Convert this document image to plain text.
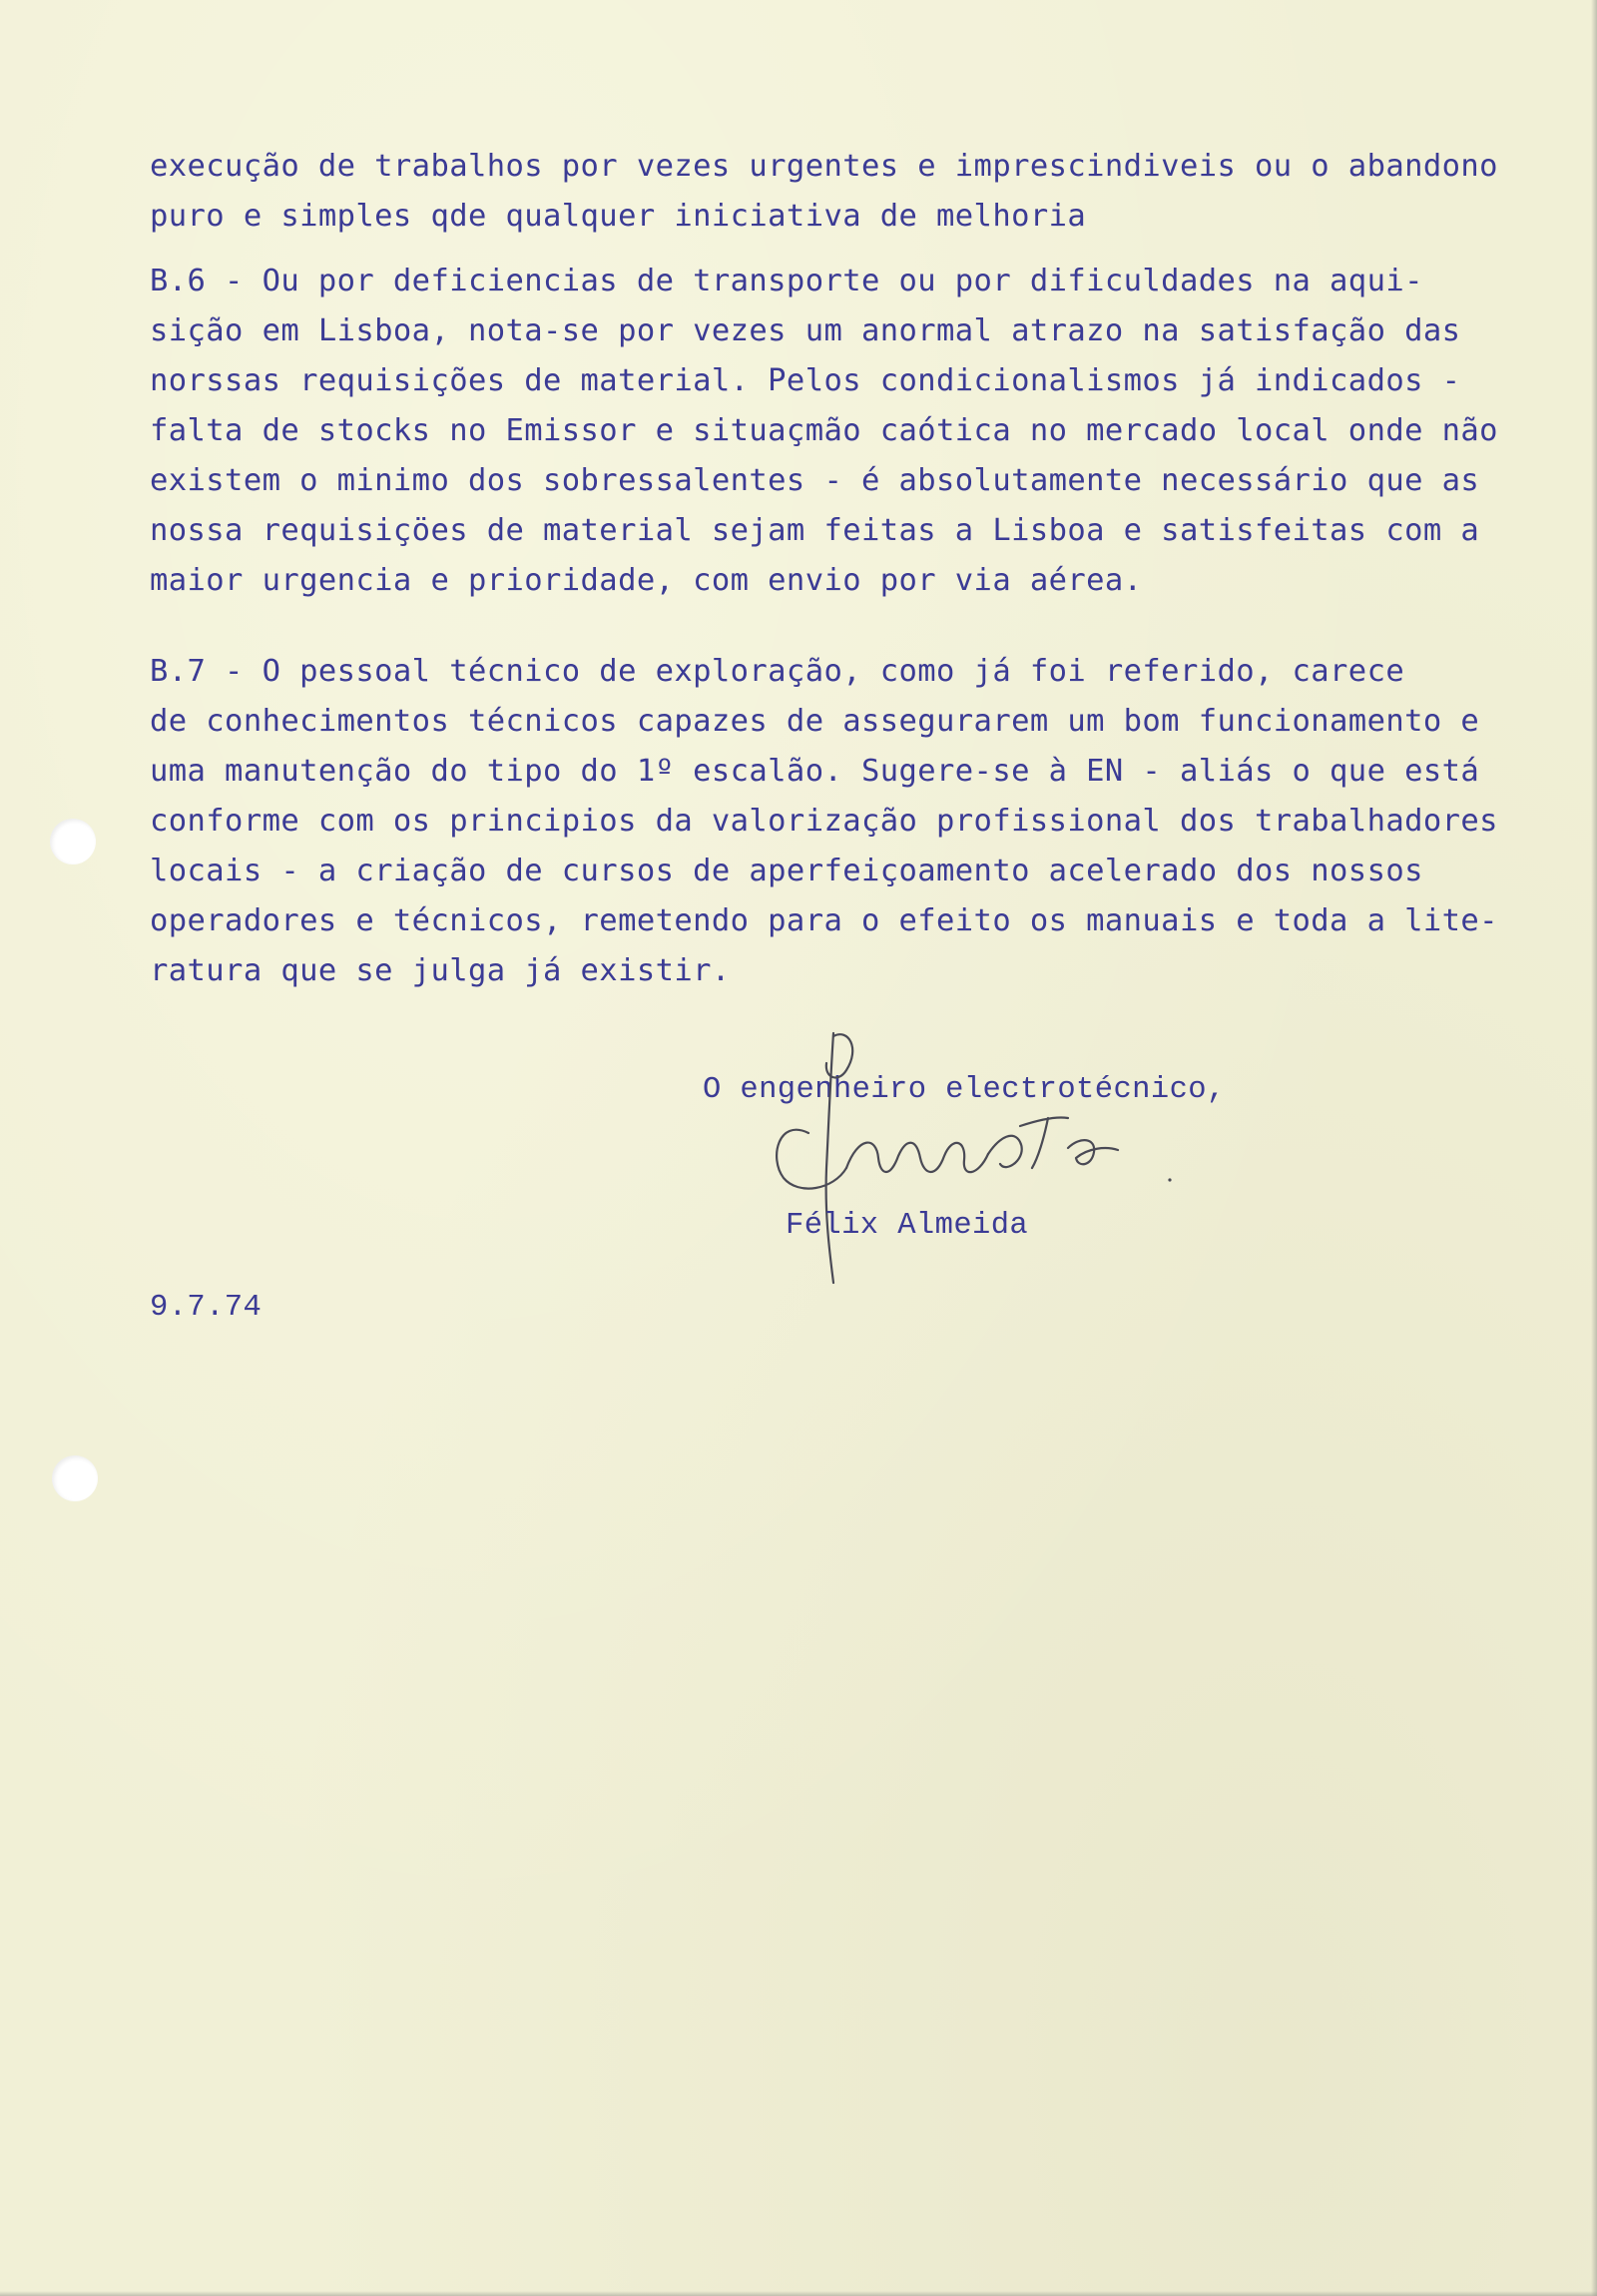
execução de trabalhos por vezes urgentes e imprescindiveis ou o abandono
puro e simples qde qualquer iniciativa de melhoria
B.6 - Ou por deficiencias de transporte ou por dificuldades na aqui-
sição em Lisboa, nota-se por vezes um anormal atrazo na satisfação das
norssas requisições de material. Pelos condicionalismos já indicados -
falta de stocks no Emissor e situaçmão caótica no mercado local onde não
existem o minimo dos sobressalentes - é absolutamente necessário que as
nossa requisiçöes de material sejam feitas a Lisboa e satisfeitas com a
maior urgencia e prioridade, com envio por via aérea.
B.7 - O pessoal técnico de exploração, como já foi referido, carece
de conhecimentos técnicos capazes de assegurarem um bom funcionamento e
uma manutenção do tipo do 1º escalão. Sugere-se à EN - aliás o que está
conforme com os principios da valorização profissional dos trabalhadores
locais - a criação de cursos de aperfeiçoamento acelerado dos nossos
operadores e técnicos, remetendo para o efeito os manuais e toda a lite-
ratura que se julga já existir.
O engenheiro electrotécnico,
Félix Almeida
9.7.74
